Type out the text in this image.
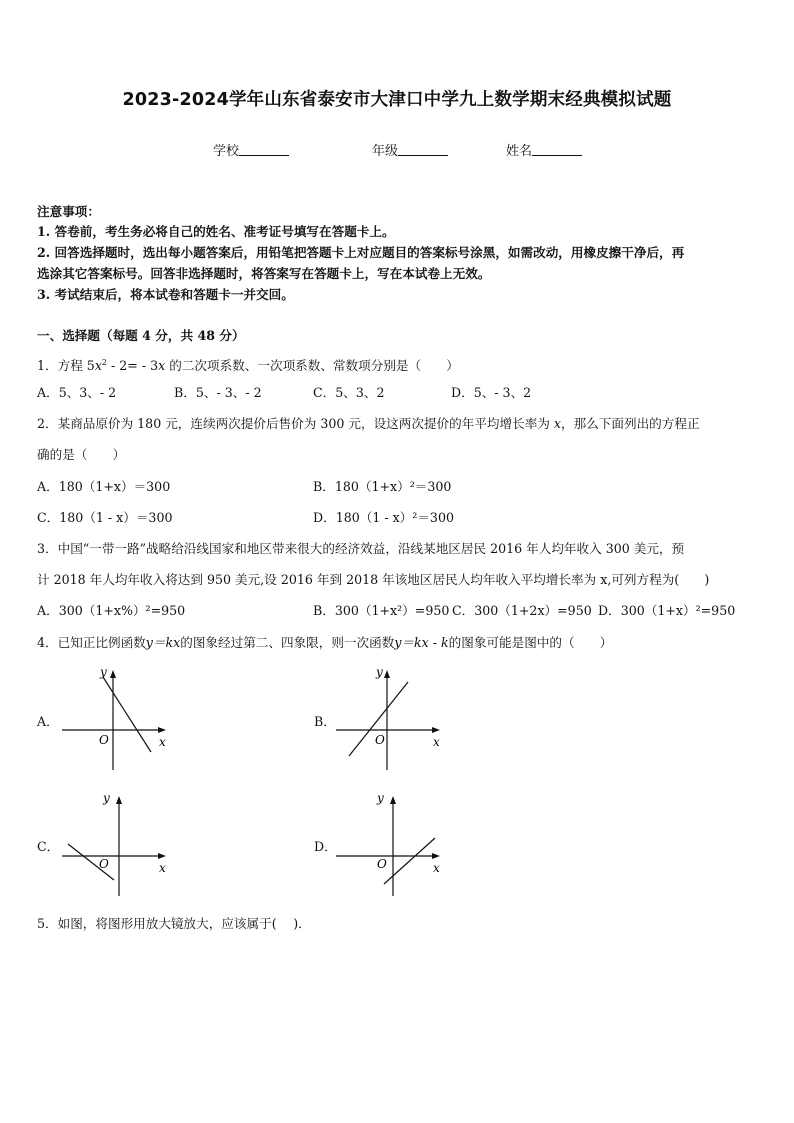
2023-2024学年山东省泰安市大津口中学九上数学期末经典模拟试题
学校	年级	姓名
注意事项：
1. 答卷前，考生务必将自己的姓名、准考证号填写在答题卡上。
2. 回答选择题时，选出每小题答案后，用铅笔把答题卡上对应题目的答案标号涂黑，如需改动，用橡皮擦干净后，再
选涂其它答案标号。回答非选择题时，将答案写在答题卡上，写在本试卷上无效。
3. 考试结束后，将本试卷和答题卡一并交回。
一、选择题（每题 4 分，共 48 分）
1．方程 $5x^2 - 2= - 3x$ 的二次项系数、一次项系数、常数项分别是（　　）
A．5、3、- 2	B．5、- 3、- 2	C．5、3、2	D．5、- 3、2
2．某商品原价为 180 元，连续两次提价后售价为 300 元，设这两次提价的年平均增长率为 x，那么下面列出的方程正
确的是（　　）
A．180（1+x）＝300	B．180（1+x）²＝300
C．180（1 - x）＝300	D．180（1 - x）²＝300
3．中国“一带一路”战略给沿线国家和地区带来很大的经济效益，沿线某地区居民 2016 年人均年收入 300 美元，预
计 2018 年人均年收入将达到 950 美元,设 2016 年到 2018 年该地区居民人均年收入平均增长率为 x,可列方程为(　　)
A．300（1+x%）²=950	B．300（1+x²）=950 C．300（1+2x）=950 D．300（1+x）²=950
4．已知正比例函数y＝kx的图象经过第二、四象限，则一次函数y＝kx - k的图象可能是图中的（　　）
A．
x
y
O
B．
x
y
O
C．
x
y
O
D．
x
y
O
5．如图，将图形用放大镜放大，应该属于(　 )．
